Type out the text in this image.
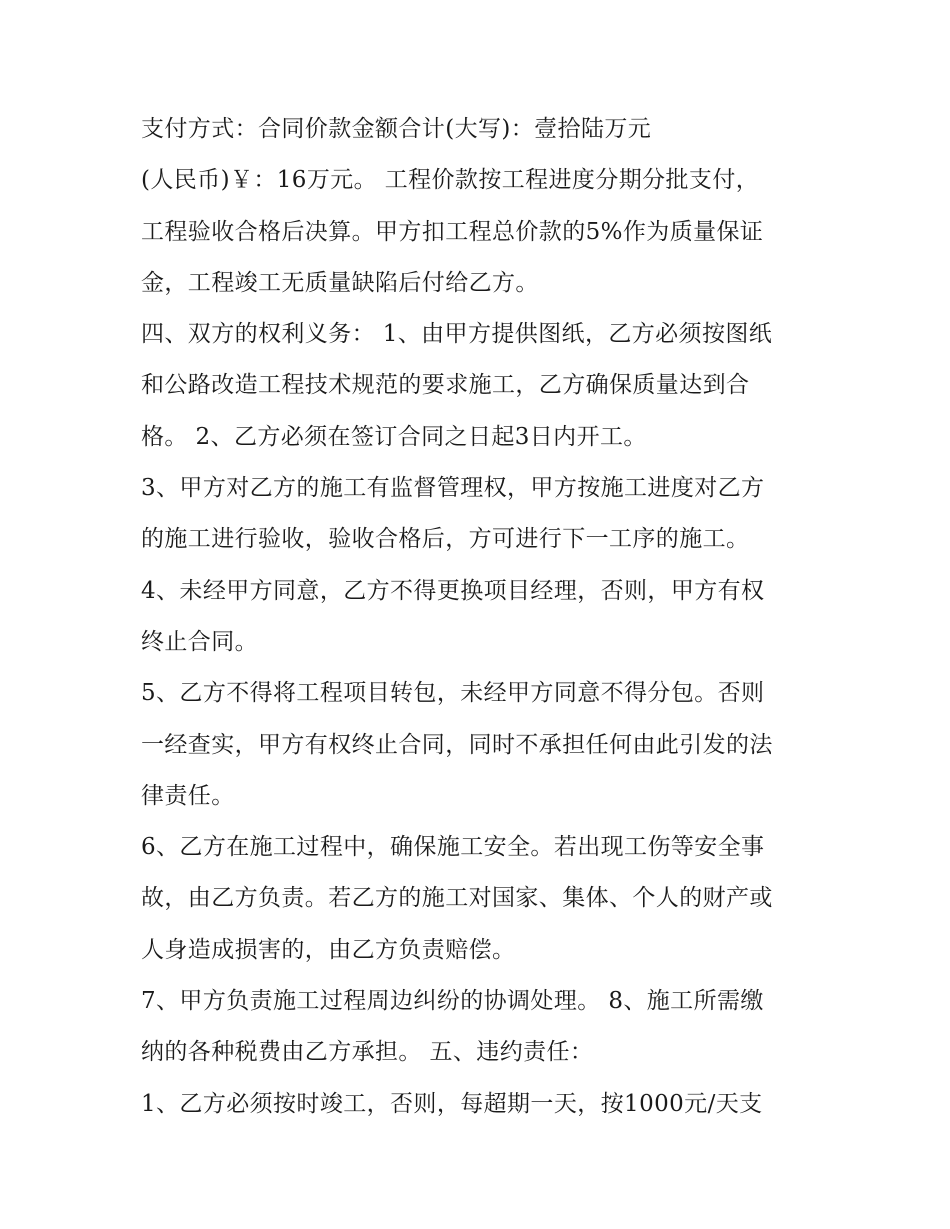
支付方式：合同价款金额合计(大写)：壹拾陆万元
(人民币)￥：16万元。 工程价款按工程进度分期分批支付，
工程验收合格后决算。甲方扣工程总价款的5%作为质量保证
金，工程竣工无质量缺陷后付给乙方。
四、双方的权利义务： 1、由甲方提供图纸，乙方必须按图纸
和公路改造工程技术规范的要求施工，乙方确保质量达到合
格。 2、乙方必须在签订合同之日起3日内开工。
3、甲方对乙方的施工有监督管理权，甲方按施工进度对乙方
的施工进行验收，验收合格后，方可进行下一工序的施工。
4、未经甲方同意，乙方不得更换项目经理，否则，甲方有权
终止合同。
5、乙方不得将工程项目转包，未经甲方同意不得分包。否则
一经查实，甲方有权终止合同，同时不承担任何由此引发的法
律责任。
6、乙方在施工过程中，确保施工安全。若出现工伤等安全事
故，由乙方负责。若乙方的施工对国家、集体、个人的财产或
人身造成损害的，由乙方负责赔偿。
7、甲方负责施工过程周边纠纷的协调处理。 8、施工所需缴
纳的各种税费由乙方承担。 五、违约责任：
1、乙方必须按时竣工，否则，每超期一天，按1000元/天支
